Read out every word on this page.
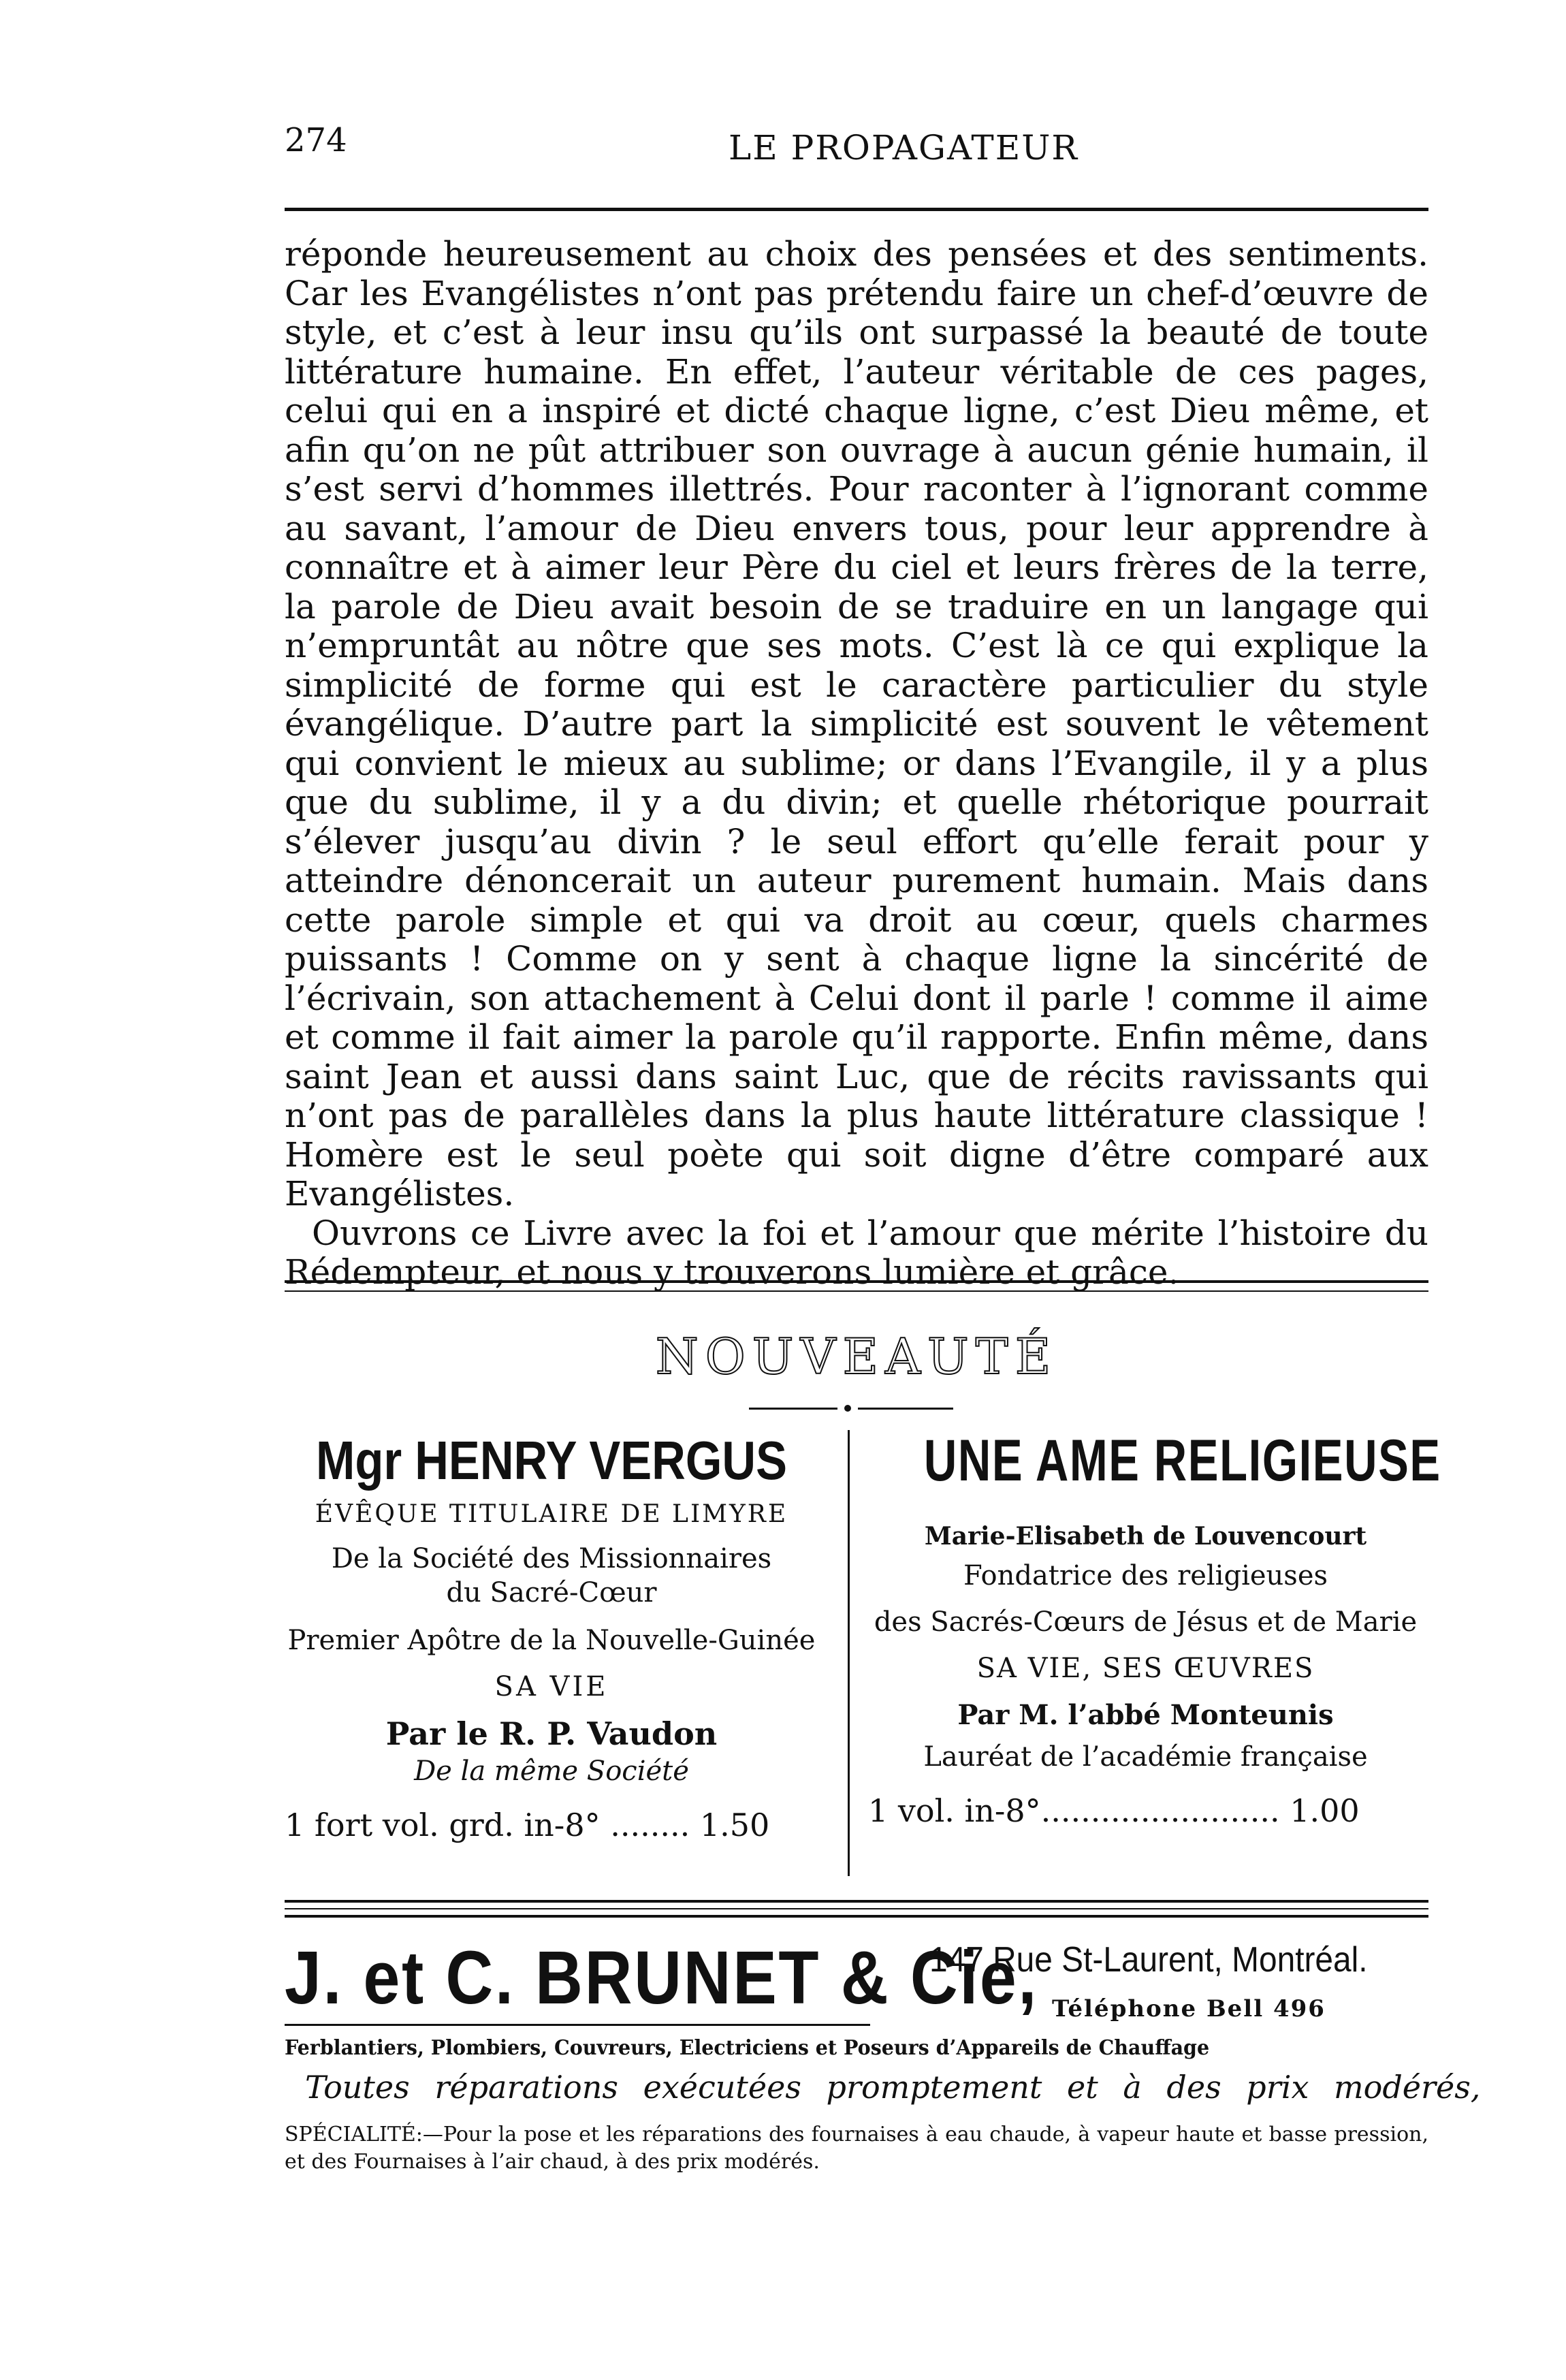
274	LE PROPAGATEUR

réponde heureusement au choix des pensées et des sentiments. Car les Evangélistes n’ont pas prétendu faire un chef-d’œuvre de style, et c’est à leur insu qu’ils ont surpassé la beauté de toute littérature humaine. En effet, l’auteur véritable de ces pages, celui qui en a inspiré et dicté chaque ligne, c’est Dieu même, et afin qu’on ne pût attribuer son ouvrage à aucun génie humain, il s’est servi d’hommes illettrés. Pour raconter à l’ignorant comme au savant, l’amour de Dieu envers tous, pour leur apprendre à connaître et à aimer leur Père du ciel et leurs frères de la terre, la parole de Dieu avait besoin de se traduire en un langage qui n’empruntât au nôtre que ses mots. C’est là ce qui explique la simplicité de forme qui est le caractère particulier du style évangélique. D’autre part la simplicité est souvent le vêtement qui convient le mieux au sublime; or dans l’Evangile, il y a plus que du sublime, il y a du divin; et quelle rhétorique pourrait s’élever jusqu’au divin ? le seul effort qu’elle ferait pour y atteindre dénoncerait un auteur purement humain. Mais dans cette parole simple et qui va droit au cœur, quels charmes puissants ! Comme on y sent à chaque ligne la sincérité de l’écrivain, son attachement à Celui dont il parle ! comme il aime et comme il fait aimer la parole qu’il rapporte. Enfin même, dans saint Jean et aussi dans saint Luc, que de récits ravissants qui n’ont pas de parallèles dans la plus haute littérature classique ! Homère est le seul poète qui soit digne d’être comparé aux Evangélistes.

Ouvrons ce Livre avec la foi et l’amour que mérite l’histoire du Rédempteur, et nous y trouverons lumière et grâce.

NOUVEAUTÉ
Mgr HENRY VERGUS
ÉVÊQUE TITULAIRE DE LIMYRE
De la Société des Missionnaires
du Sacré-Cœur
Premier Apôtre de la Nouvelle-Guinée
SA VIE
Par le R. P. Vaudon
De la même Société
1 fort vol. grd. in-8° ........ 1.50
UNE AME RELIGIEUSE
Marie-Elisabeth de Louvencourt
Fondatrice des religieuses
des Sacrés-Cœurs de Jésus et de Marie
SA VIE, SES ŒUVRES
Par M. l’abbé Monteunis
Lauréat de l’académie française
1 vol. in-8°........................ 1.00
J. et C. BRUNET & Cie,
147 Rue St-Laurent, Montréal.
Téléphone Bell 496
Ferblantiers, Plombiers, Couvreurs, Electriciens et Poseurs d’Appareils de Chauffage
Toutes réparations exécutées promptement et à des prix modérés,
SPÉCIALITÉ:—Pour la pose et les réparations des fournaises à eau chaude, à vapeur haute et basse pression, et des Fournaises à l’air chaud, à des prix modérés.
